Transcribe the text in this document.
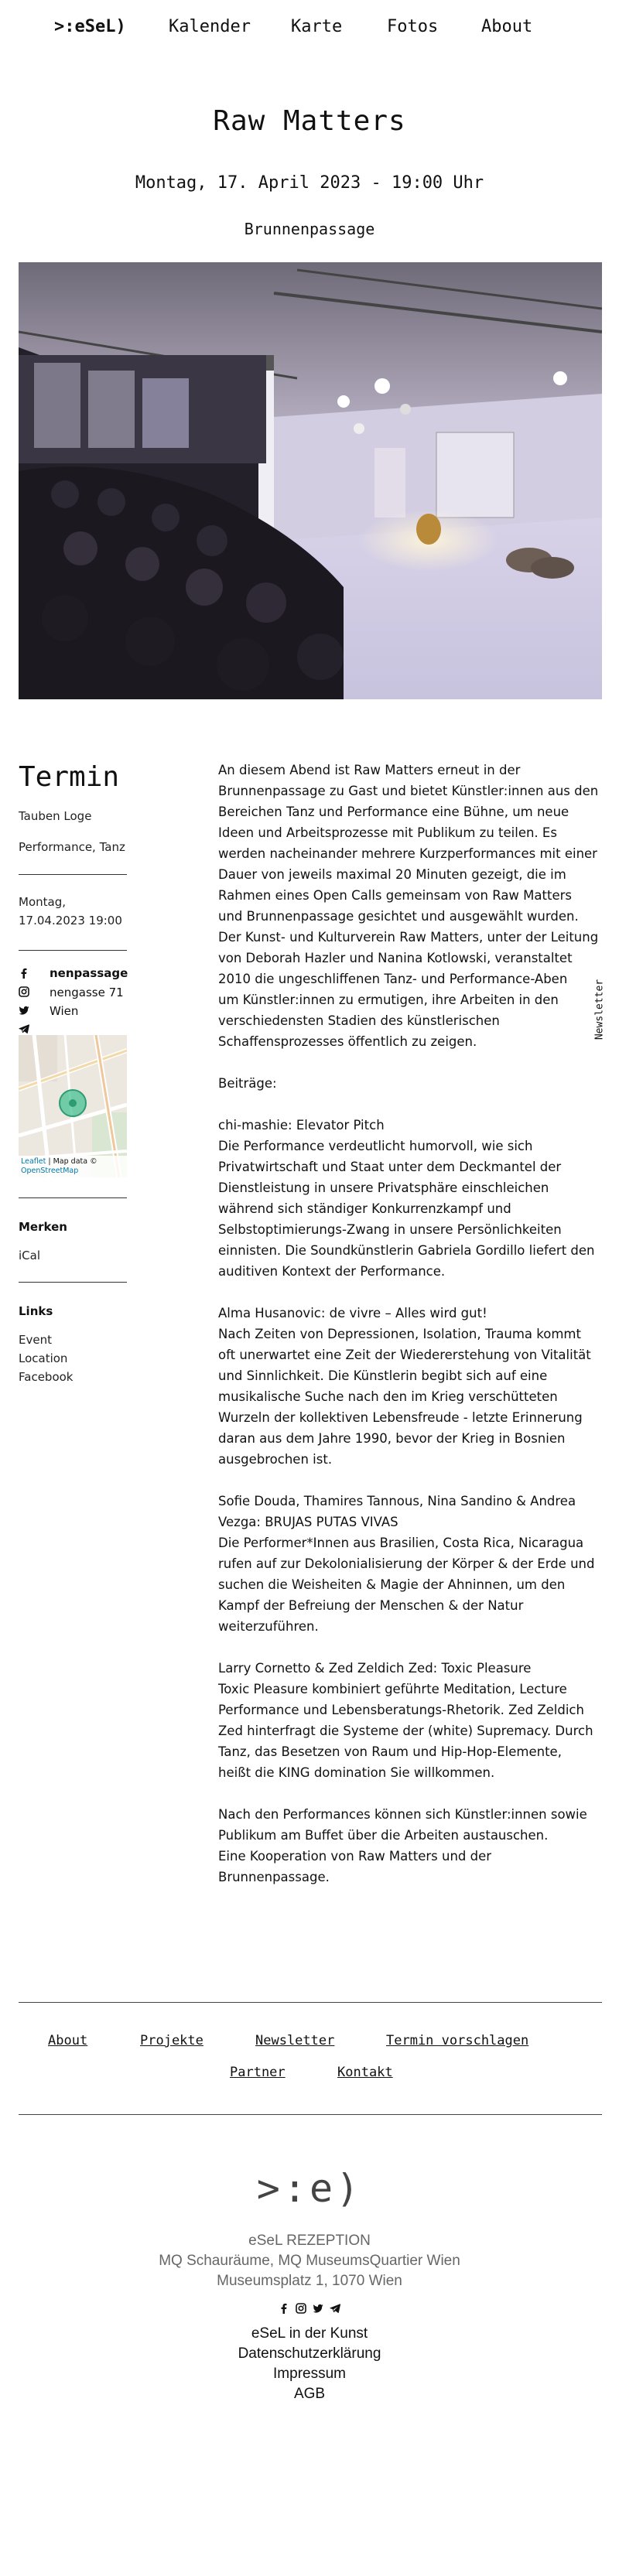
>:eSeL)	Kalender Karte	Fotos	About
Raw Matters
Montag, 17. April 2023 - 19:00 Uhr
Brunnenpassage
Termin
Tauben Loge
Performance, Tanz
Montag,
17.04.2023 19:00
nenpassage
nengasse 71
Wien
Leaflet | Map data ©
OpenStreetMap
Merken
iCal
Links
Event
Location
Facebook
An diesem Abend ist Raw Matters erneut in der
Brunnenpassage zu Gast und bietet Künstler:innen aus den
Bereichen Tanz und Performance eine Bühne, um neue
Ideen und Arbeitsprozesse mit Publikum zu teilen. Es
werden nacheinander mehrere Kurzperformances mit einer
Dauer von jeweils maximal 20 Minuten gezeigt, die im
Rahmen eines Open Calls gemeinsam von Raw Matters
und Brunnenpassage gesichtet und ausgewählt wurden.
Der Kunst- und Kulturverein Raw Matters, unter der Leitung
von Deborah Hazler und Nanina Kotlowski, veranstaltet
2010 die ungeschliffenen Tanz- und Performance-Aben
um Künstler:innen zu ermutigen, ihre Arbeiten in den
verschiedensten Stadien des künstlerischen
Schaffensprozesses öffentlich zu zeigen.

Beiträge:

chi-mashie: Elevator Pitch
Die Performance verdeutlicht humorvoll, wie sich
Privatwirtschaft und Staat unter dem Deckmantel der
Dienstleistung in unsere Privatsphäre einschleichen
während sich ständiger Konkurrenzkampf und
Selbstoptimierungs-Zwang in unsere Persönlichkeiten
einnisten. Die Soundkünstlerin Gabriela Gordillo liefert den
auditiven Kontext der Performance.

Alma Husanovic: de vivre – Alles wird gut!
Nach Zeiten von Depressionen, Isolation, Trauma kommt
oft unerwartet eine Zeit der Wiedererstehung von Vitalität
und Sinnlichkeit. Die Künstlerin begibt sich auf eine
musikalische Suche nach den im Krieg verschütteten
Wurzeln der kollektiven Lebensfreude - letzte Erinnerung
daran aus dem Jahre 1990, bevor der Krieg in Bosnien
ausgebrochen ist.

Sofie Douda, Thamires Tannous, Nina Sandino & Andrea
Vezga: BRUJAS PUTAS VIVAS
Die Performer*Innen aus Brasilien, Costa Rica, Nicaragua
rufen auf zur Dekolonialisierung der Körper & der Erde und
suchen die Weisheiten & Magie der Ahninnen, um den
Kampf der Befreiung der Menschen & der Natur
weiterzuführen.

Larry Cornetto & Zed Zeldich Zed: Toxic Pleasure
Toxic Pleasure kombiniert geführte Meditation, Lecture
Performance und Lebensberatungs-Rhetorik. Zed Zeldich
Zed hinterfragt die Systeme der (white) Supremacy. Durch
Tanz, das Besetzen von Raum und Hip-Hop-Elemente,
heißt die KING domination Sie willkommen.

Nach den Performances können sich Künstler:innen sowie
Publikum am Buffet über die Arbeiten austauschen.
Eine Kooperation von Raw Matters und der
Brunnenpassage.
Newsletter
About	Projekte	Newsletter	Termin vorschlagen
Partner	Kontakt
>:e)
eSeL REZEPTION
MQ Schauräume, MQ MuseumsQuartier Wien
Museumsplatz 1, 1070 Wien
eSeL in der Kunst
Datenschutzerklärung
Impressum
AGB
